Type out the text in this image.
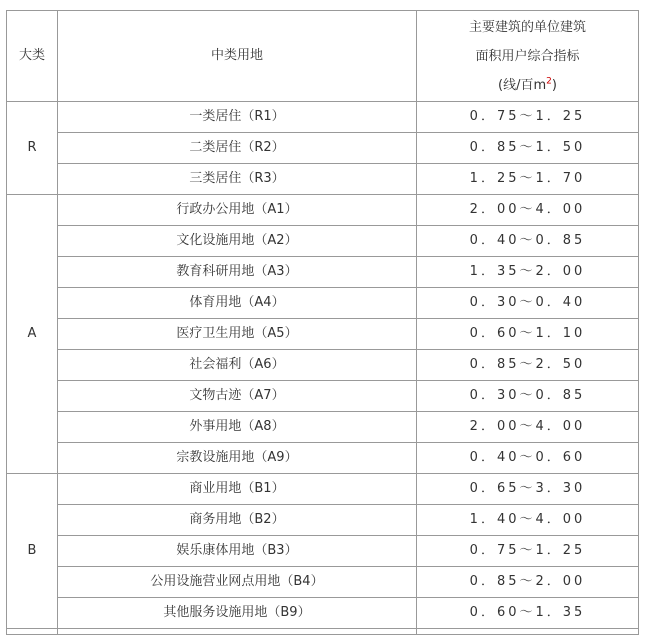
大类	中类用地	主要建筑的单位建筑
面积用户综合指标
(线/百$m^2$)

R	一类居住（R1）	0．75～1．25
	二类居住（R2）	0．85～1．50
	三类居住（R3）	1．25～1．70
A	行政办公用地（A1）	2．00～4．00
	文化设施用地（A2）	0．40～0．85
	教育科研用地（A3）	1．35～2．00
	体育用地（A4）	0．30～0．40
	医疗卫生用地（A5）	0．60～1．10
	社会福利（A6）	0．85～2．50
	文物古迹（A7）	0．30～0．85
	外事用地（A8）	2．00～4．00
	宗教设施用地（A9）	0．40～0．60
B	商业用地（B1）	0．65～3．30
	商务用地（B2）	1．40～4．00
	娱乐康体用地（B3）	0．75～1．25
	公用设施营业网点用地（B4）	0．85～2．00
	其他服务设施用地（B9）	0．60～1．35
